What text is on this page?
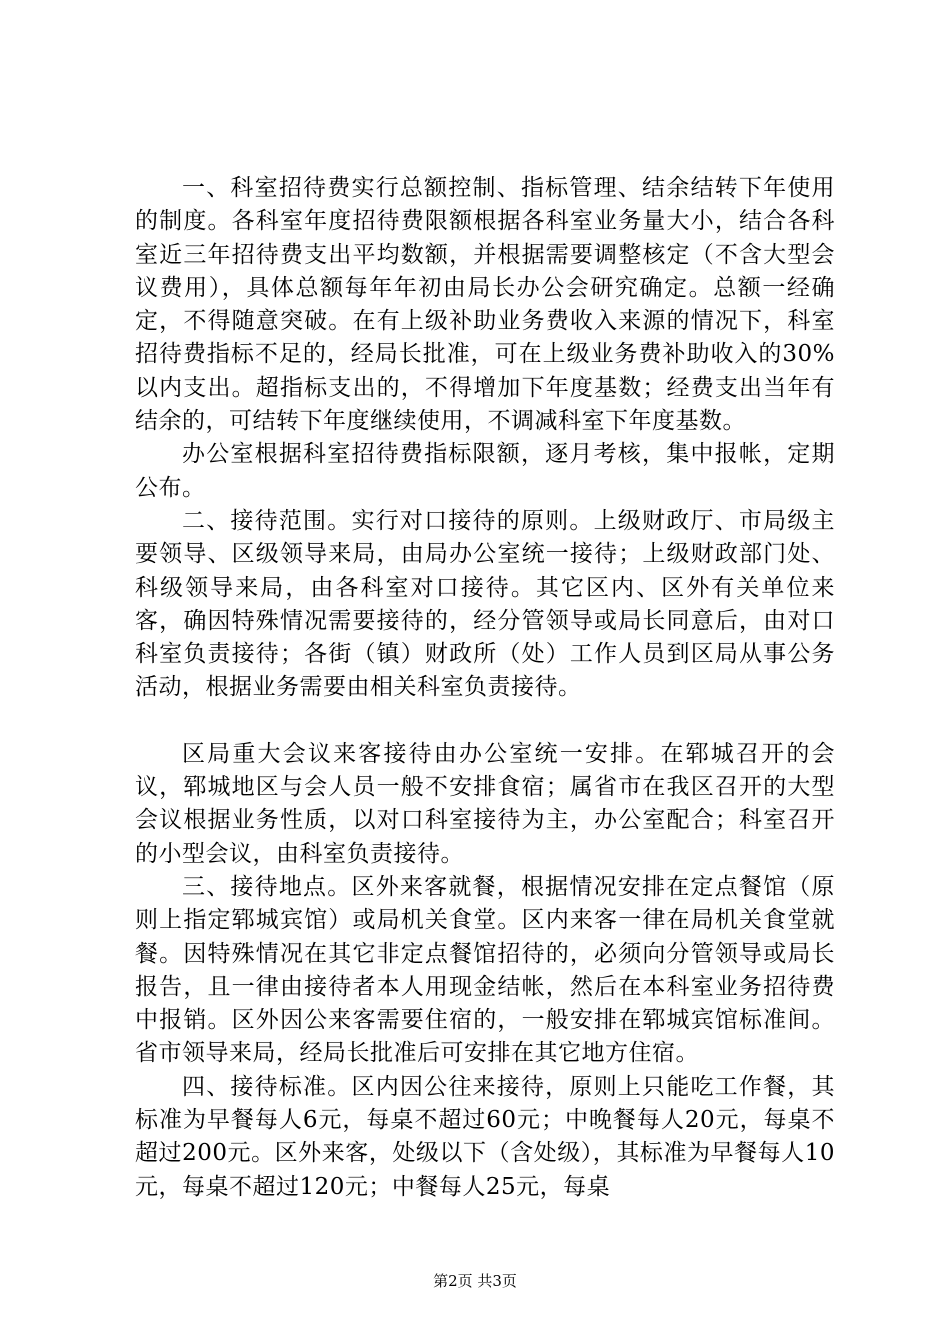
一、科室招待费实行总额控制、指标管理、结余结转下年使用的制度。各科室年度招待费限额根据各科室业务量大小，结合各科室近三年招待费支出平均数额，并根据需要调整核定（不含大型会议费用），具体总额每年年初由局长办公会研究确定。总额一经确定，不得随意突破。在有上级补助业务费收入来源的情况下，科室招待费指标不足的，经局长批准，可在上级业务费补助收入的30%以内支出。超指标支出的，不得增加下年度基数；经费支出当年有结余的，可结转下年度继续使用，不调减科室下年度基数。

办公室根据科室招待费指标限额，逐月考核，集中报帐，定期公布。

二、接待范围。实行对口接待的原则。上级财政厅、市局级主要领导、区级领导来局，由局办公室统一接待；上级财政部门处、科级领导来局，由各科室对口接待。其它区内、区外有关单位来客，确因特殊情况需要接待的，经分管领导或局长同意后，由对口科室负责接待；各街（镇）财政所（处）工作人员到区局从事公务活动，根据业务需要由相关科室负责接待。

区局重大会议来客接待由办公室统一安排。在郓城召开的会议，郓城地区与会人员一般不安排食宿；属省市在我区召开的大型会议根据业务性质，以对口科室接待为主，办公室配合；科室召开的小型会议，由科室负责接待。

三、接待地点。区外来客就餐，根据情况安排在定点餐馆（原则上指定郓城宾馆）或局机关食堂。区内来客一律在局机关食堂就餐。因特殊情况在其它非定点餐馆招待的，必须向分管领导或局长报告，且一律由接待者本人用现金结帐，然后在本科室业务招待费中报销。区外因公来客需要住宿的，一般安排在郓城宾馆标准间。省市领导来局，经局长批准后可安排在其它地方住宿。

四、接待标准。区内因公往来接待，原则上只能吃工作餐，其标准为早餐每人6元，每桌不超过60元；中晚餐每人20元，每桌不超过200元。区外来客，处级以下（含处级），其标准为早餐每人10元，每桌不超过120元；中餐每人25元，每桌

第2页 共3页
